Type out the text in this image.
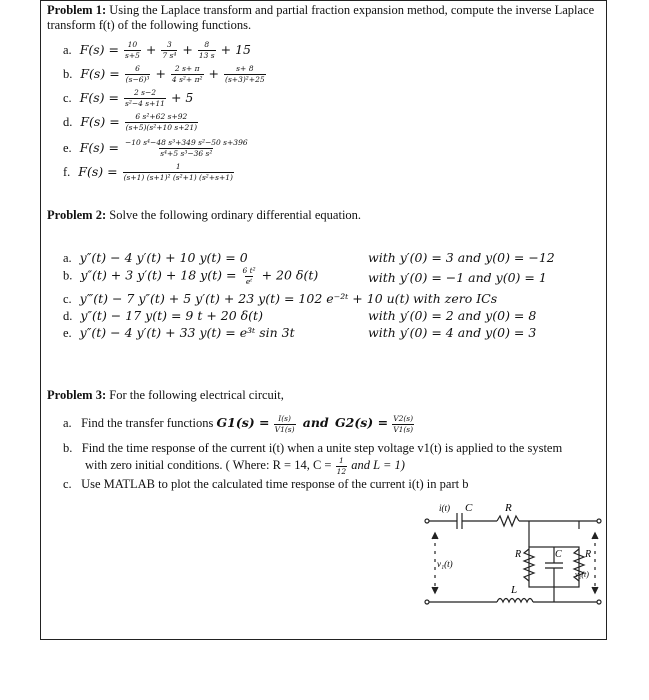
Problem 1: Using the Laplace transform and partial fraction expansion method, compute the inverse Laplace
transform f(t) of the following functions.
a. $F(s) = \frac{10}{s+5} + \frac{3}{\text{7 s⁴}} + \frac{8}{13 s} + 15$
b. $F(s) = \frac{6}{\text{(s−6)³}} + \frac{2 s+ \pi}{\text{4 s²+ π²}} + \frac{s+ 8}{\text{(s+3)²+25}}$
c. $F(s) = \frac{2 s-2}{\text{s²−4 s+11}} + 5$
d. $F(s) = \frac{\text{6 s²+62 s+92}}{\text{(s+5)(s²+10 s+21)}}$
e. $F(s) = \frac{\text{−10 s⁴−48 s³+349 s²−50 s+396}}{\text{s⁴+5 s³−36 s²}}$
f. $F(s) = \frac{1}{\text{(s+1) (s+1)² (s²+1) (s²+s+1)}}$
Problem 2: Solve the following ordinary differential equation.
a. y″(t) − 4 y′(t) + 10 y(t) = 0	with y′(0) = 3 and y(0) = −12
b. y″(t) + 3 y′(t) + 18 $y(t) = \frac{\text{6 t²}}{\text{eᵗ}} + 20$ δ(t)	with y′(0) = −1 and y(0) = 1
c. y‴(t) − 7 y″(t) + 5 y′(t) + 23 y(t) = 102 e⁻²ᵗ + 10 u(t) with zero ICs
d. y″(t) − 17 y(t) = 9 t + 20 δ(t)	with y′(0) = 2 and y(0) = 8
e. y″(t) − 4 y′(t) + 33 y(t) = e³ᵗ sin 3t	with y′(0) = 4 and y(0) = 3
Problem 3: For the following electrical circuit,
a. Find the transfer functions $G1(s) = \frac{I(s)}{V1(s)}$ and $G2(s) = \frac{V2(s)}{V1(s)}$
b. Find the time response of the current i(t) when a unite step voltage v1(t) is applied to the system
with zero initial conditions. ( Where: R = 14, $C = \frac{1}{12}$ and L = 1)
c. Use MATLAB to plot the calculated time response of the current i(t) in part b
i(t) C	R
R	C R
v₁(t)
v₂(t)
L
